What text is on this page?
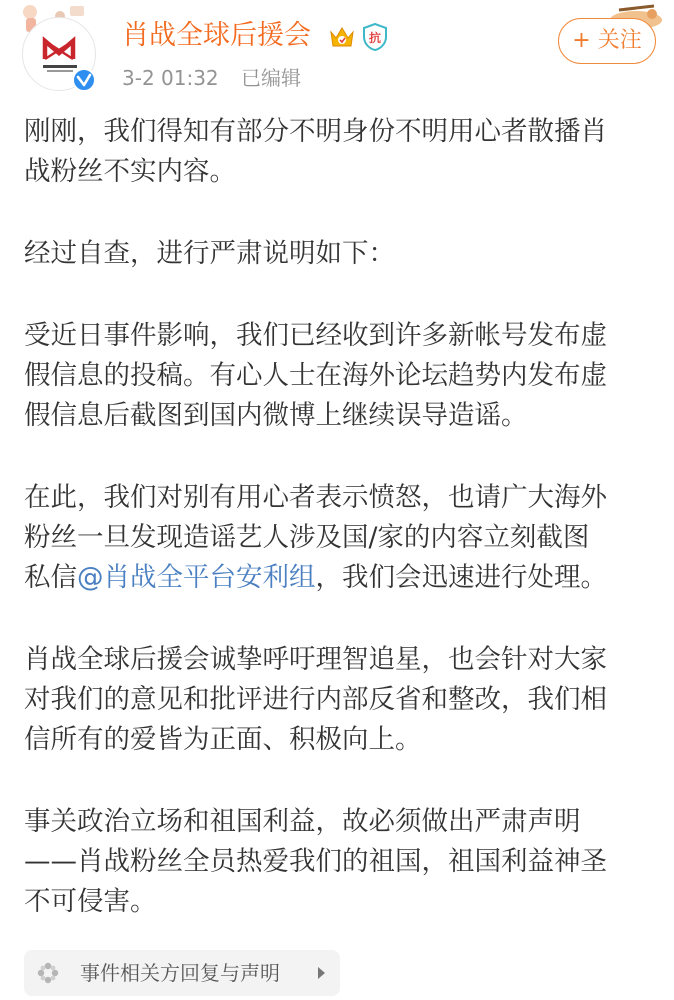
肖战全球后援会	抗
3-2 01:32 已编辑
+ 关注

刚刚，我们得知有部分不明身份不明用心者散播肖
战粉丝不实内容。

经过自查，进行严肃说明如下：

受近日事件影响，我们已经收到许多新帐号发布虚
假信息的投稿。有心人士在海外论坛趋势内发布虚
假信息后截图到国内微博上继续误导造谣。

在此，我们对别有用心者表示愤怒，也请广大海外
粉丝一旦发现造谣艺人涉及国/家的内容立刻截图
私信@肖战全平台安利组，我们会迅速进行处理。

肖战全球后援会诚挚呼吁理智追星，也会针对大家
对我们的意见和批评进行内部反省和整改，我们相
信所有的爱皆为正面、积极向上。

事关政治立场和祖国利益，故必须做出严肃声明
——肖战粉丝全员热爱我们的祖国，祖国利益神圣
不可侵害。

事件相关方回复与声明
